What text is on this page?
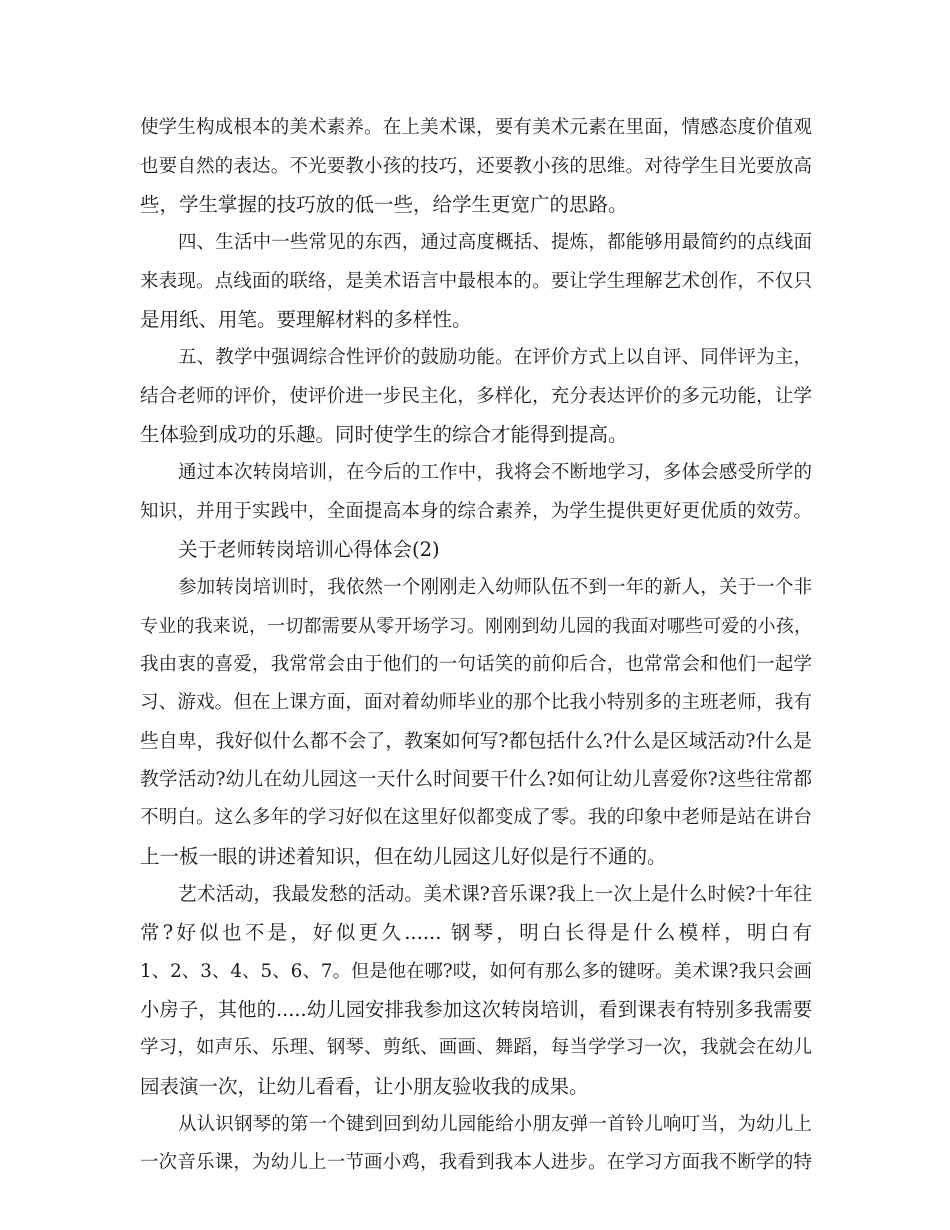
使学生构成根本的美术素养。在上美术课，要有美术元素在里面，情感态度价值观
也要自然的表达。不光要教小孩的技巧，还要教小孩的思维。对待学生目光要放高
些，学生掌握的技巧放的低一些，给学生更宽广的思路。
四、生活中一些常见的东西，通过高度概括、提炼，都能够用最简约的点线面
来表现。点线面的联络，是美术语言中最根本的。要让学生理解艺术创作，不仅只
是用纸、用笔。要理解材料的多样性。
五、教学中强调综合性评价的鼓励功能。在评价方式上以自评、同伴评为主，
结合老师的评价，使评价进一步民主化，多样化，充分表达评价的多元功能，让学
生体验到成功的乐趣。同时使学生的综合才能得到提高。
通过本次转岗培训，在今后的工作中，我将会不断地学习，多体会感受所学的
知识，并用于实践中，全面提高本身的综合素养，为学生提供更好更优质的效劳。
关于老师转岗培训心得体会(2)
参加转岗培训时，我依然一个刚刚走入幼师队伍不到一年的新人，关于一个非
专业的我来说，一切都需要从零开场学习。刚刚到幼儿园的我面对哪些可爱的小孩，
我由衷的喜爱，我常常会由于他们的一句话笑的前仰后合，也常常会和他们一起学
习、游戏。但在上课方面，面对着幼师毕业的那个比我小特别多的主班老师，我有
些自卑，我好似什么都不会了，教案如何写?都包括什么?什么是区域活动?什么是
教学活动?幼儿在幼儿园这一天什么时间要干什么?如何让幼儿喜爱你?这些往常都
不明白。这么多年的学习好似在这里好似都变成了零。我的印象中老师是站在讲台
上一板一眼的讲述着知识，但在幼儿园这儿好似是行不通的。
艺术活动，我最发愁的活动。美术课?音乐课?我上一次上是什么时候?十年往
常?好似也不是，好似更久...... 钢琴，明白长得是什么模样，明白有
1、2、3、4、5、6、7。但是他在哪?哎，如何有那么多的键呀。美术课?我只会画
小房子，其他的.....幼儿园安排我参加这次转岗培训，看到课表有特别多我需要
学习，如声乐、乐理、钢琴、剪纸、画画、舞蹈，每当学学习一次，我就会在幼儿
园表演一次，让幼儿看看，让小朋友验收我的成果。
从认识钢琴的第一个键到回到幼儿园能给小朋友弹一首铃儿响叮当，为幼儿上
一次音乐课，为幼儿上一节画小鸡，我看到我本人进步。在学习方面我不断学的特
